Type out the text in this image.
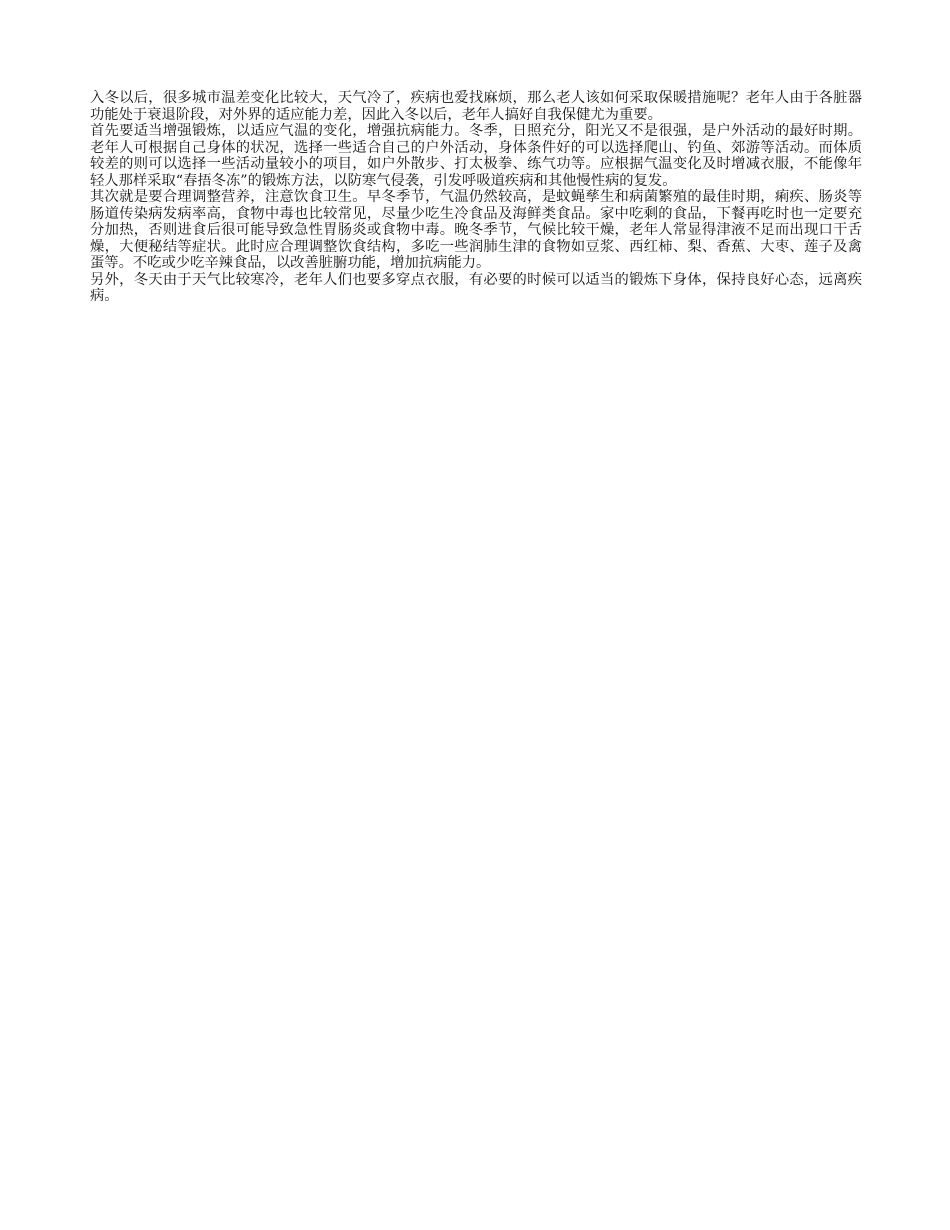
入冬以后，很多城市温差变化比较大，天气冷了，疾病也爱找麻烦，那么老人该如何采取保暖措施呢？老年人由于各脏器功能处于衰退阶段，对外界的适应能力差，因此入冬以后，老年人搞好自我保健尤为重要。

首先要适当增强锻炼，以适应气温的变化，增强抗病能力。冬季，日照充分，阳光又不是很强，是户外活动的最好时期。老年人可根据自己身体的状况，选择一些适合自己的户外活动，身体条件好的可以选择爬山、钓鱼、郊游等活动。而体质较差的则可以选择一些活动量较小的项目，如户外散步、打太极拳、练气功等。应根据气温变化及时增减衣服，不能像年轻人那样采取“春捂冬冻”的锻炼方法，以防寒气侵袭，引发呼吸道疾病和其他慢性病的复发。

其次就是要合理调整营养，注意饮食卫生。早冬季节，气温仍然较高，是蚊蝇孳生和病菌繁殖的最佳时期，痢疾、肠炎等肠道传染病发病率高，食物中毒也比较常见，尽量少吃生冷食品及海鲜类食品。家中吃剩的食品，下餐再吃时也一定要充分加热，否则进食后很可能导致急性胃肠炎或食物中毒。晚冬季节，气候比较干燥，老年人常显得津液不足而出现口干舌燥，大便秘结等症状。此时应合理调整饮食结构，多吃一些润肺生津的食物如豆浆、西红柿、梨、香蕉、大枣、莲子及禽蛋等。不吃或少吃辛辣食品，以改善脏腑功能，增加抗病能力。

另外，冬天由于天气比较寒冷，老年人们也要多穿点衣服，有必要的时候可以适当的锻炼下身体，保持良好心态，远离疾病。
